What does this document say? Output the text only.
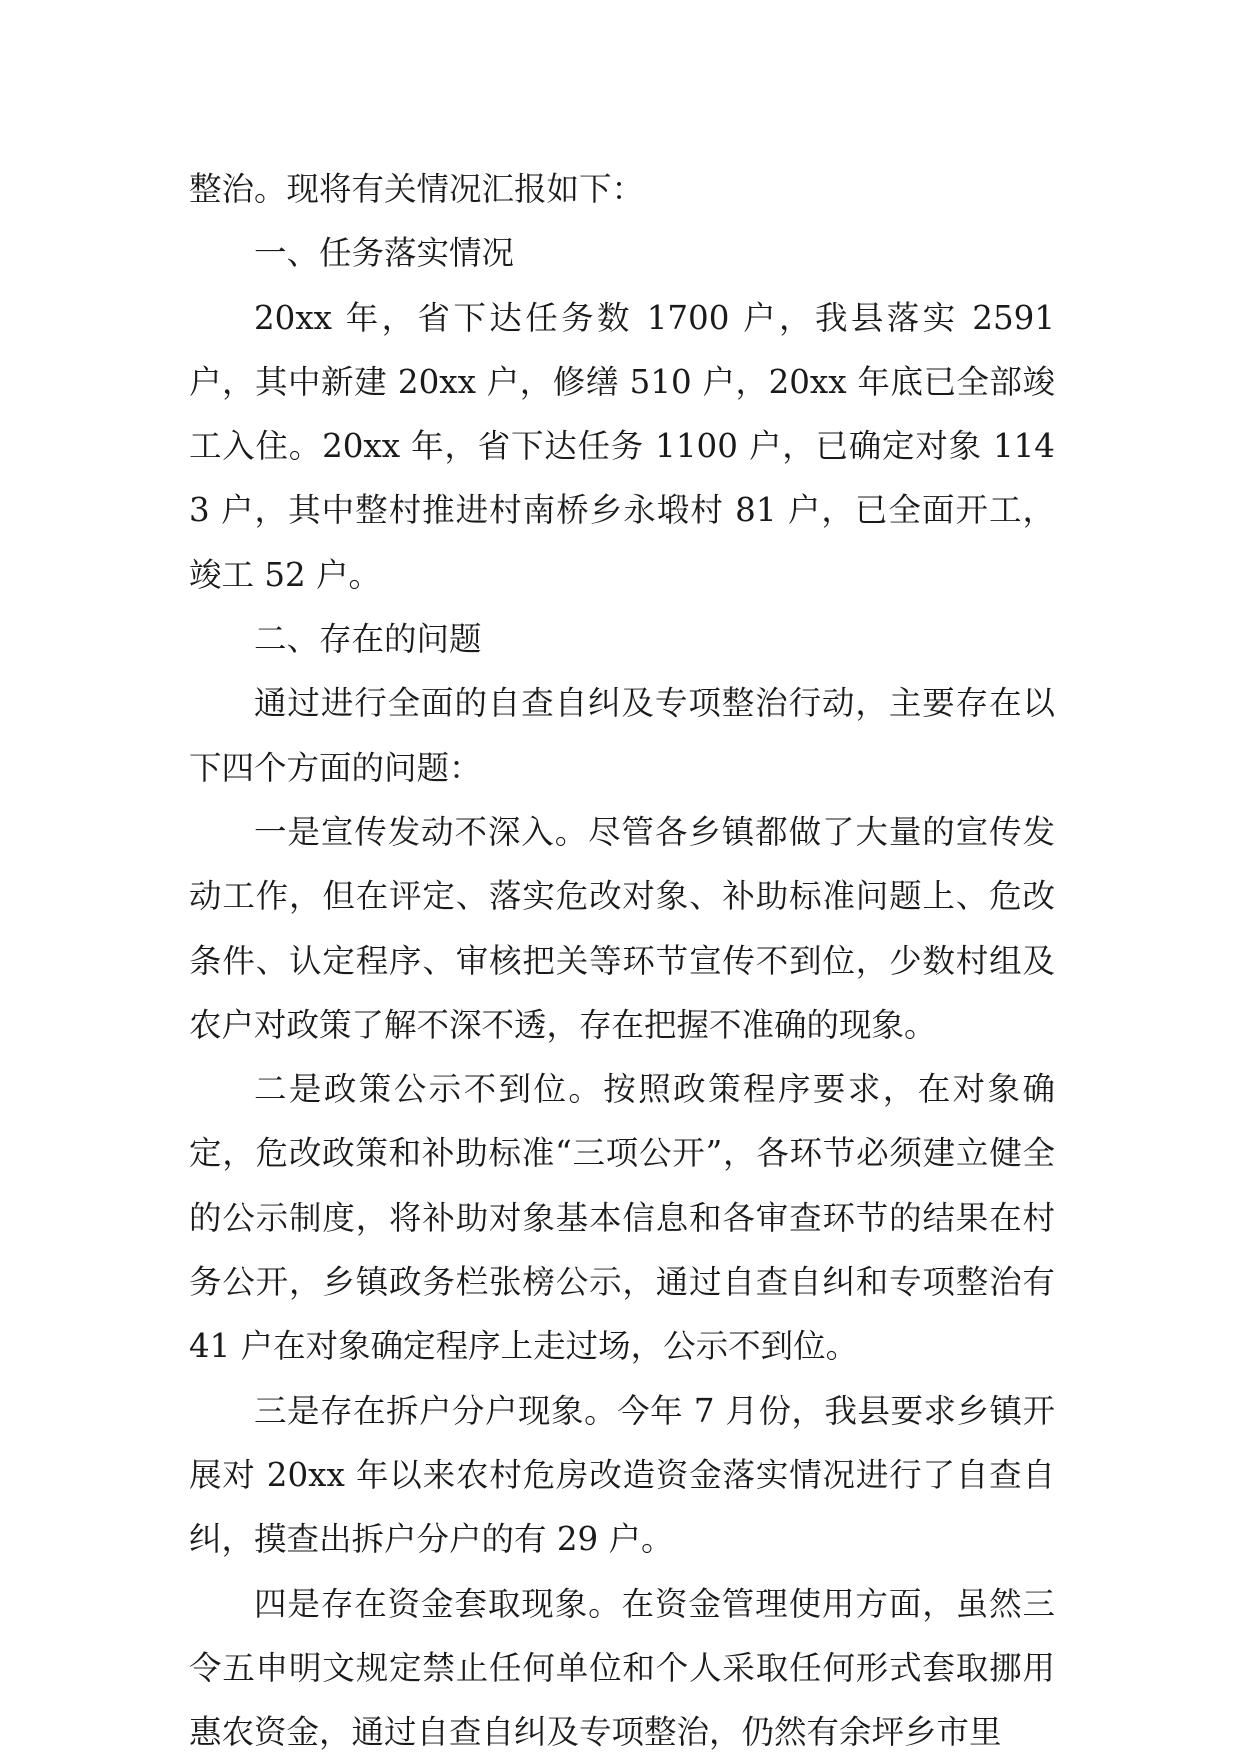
整治。现将有关情况汇报如下：

一、任务落实情况

20xx 年，省下达任务数 1700 户，我县落实 2591 户，其中新建 20xx 户，修缮 510 户，20xx 年底已全部竣工入住。20xx 年，省下达任务 1100 户，已确定对象 1143 户，其中整村推进村南桥乡永塅村 81 户，已全面开工，竣工 52 户。

二、存在的问题

通过进行全面的自查自纠及专项整治行动，主要存在以下四个方面的问题：

一是宣传发动不深入。尽管各乡镇都做了大量的宣传发动工作，但在评定、落实危改对象、补助标准问题上、危改条件、认定程序、审核把关等环节宣传不到位，少数村组及农户对政策了解不深不透，存在把握不准确的现象。

二是政策公示不到位。按照政策程序要求，在对象确定，危改政策和补助标准“三项公开”，各环节必须建立健全的公示制度，将补助对象基本信息和各审查环节的结果在村务公开，乡镇政务栏张榜公示，通过自查自纠和专项整治有 41 户在对象确定程序上走过场，公示不到位。

三是存在拆户分户现象。今年 7 月份，我县要求乡镇开展对 20xx 年以来农村危房改造资金落实情况进行了自查自纠，摸查出拆户分户的有 29 户。

四是存在资金套取现象。在资金管理使用方面，虽然三令五申明文规定禁止任何单位和个人采取任何形式套取挪用惠农资金，通过自查自纠及专项整治，仍然有余坪乡市里
